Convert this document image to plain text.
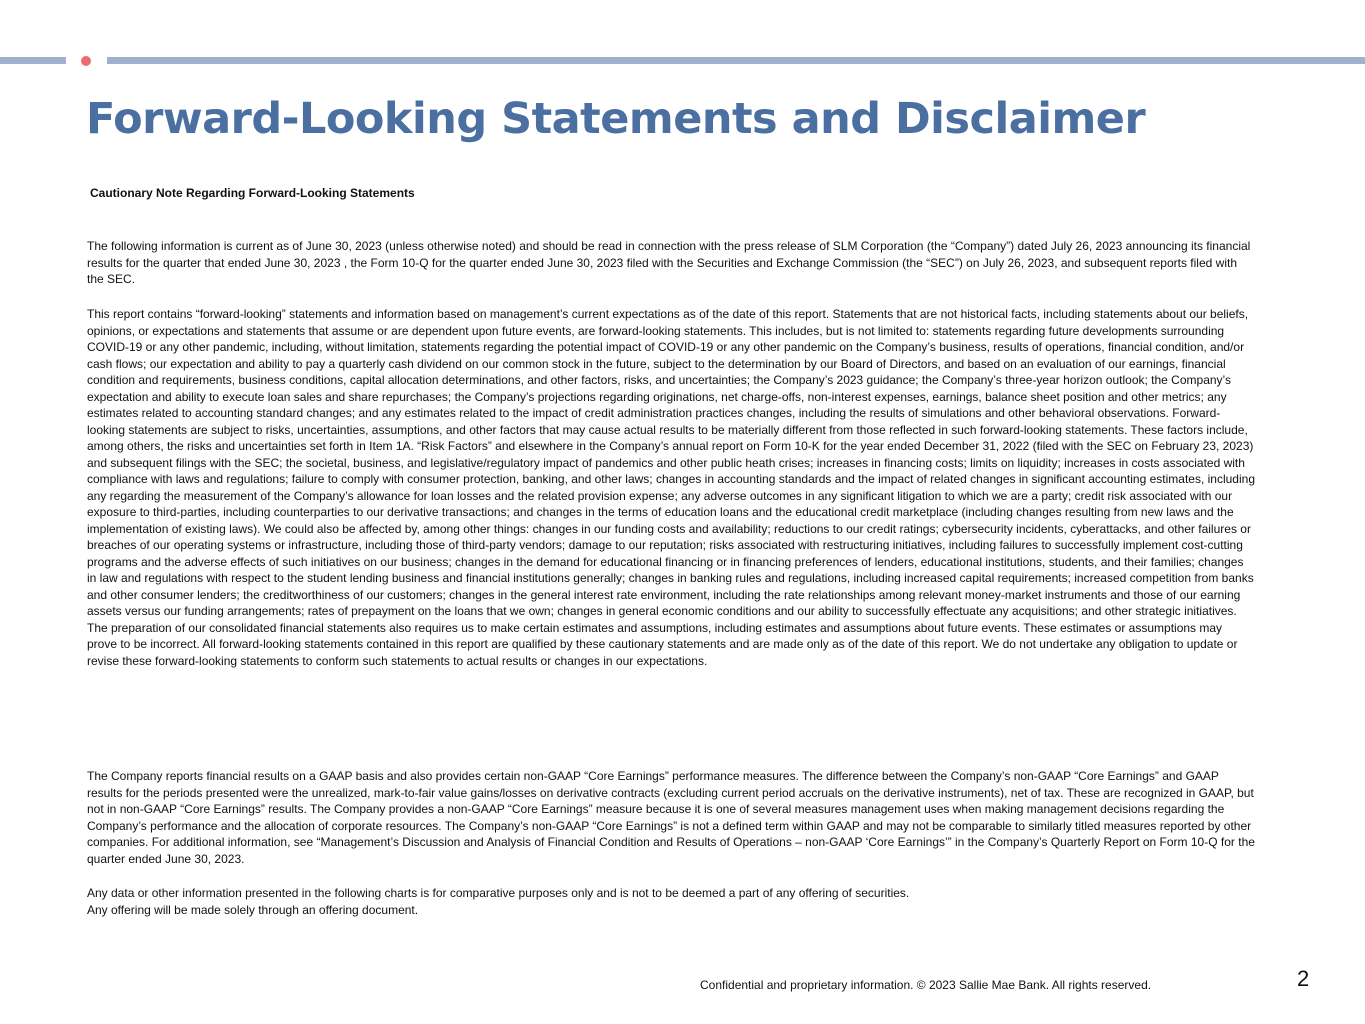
Forward-Looking Statements and Disclaimer
Cautionary Note Regarding Forward-Looking Statements

The following information is current as of June 30, 2023 (unless otherwise noted) and should be read in connection with the press release of SLM Corporation (the “Company”) dated July 26, 2023 announcing its financial results for the quarter that ended June 30, 2023 , the Form 10-Q for the quarter ended June 30, 2023 filed with the Securities and Exchange Commission (the “SEC”) on July 26, 2023, and subsequent reports filed with the SEC.

This report contains “forward-looking” statements and information based on management’s current expectations as of the date of this report. Statements that are not historical facts, including statements about our beliefs, opinions, or expectations and statements that assume or are dependent upon future events, are forward-looking statements. This includes, but is not limited to: statements regarding future developments surrounding COVID-19 or any other pandemic, including, without limitation, statements regarding the potential impact of COVID-19 or any other pandemic on the Company’s business, results of operations, financial condition, and/or cash flows; our expectation and ability to pay a quarterly cash dividend on our common stock in the future, subject to the determination by our Board of Directors, and based on an evaluation of our earnings, financial condition and requirements, business conditions, capital allocation determinations, and other factors, risks, and uncertainties; the Company’s 2023 guidance; the Company’s three-year horizon outlook; the Company’s expectation and ability to execute loan sales and share repurchases; the Company’s projections regarding originations, net charge-offs, non-interest expenses, earnings, balance sheet position and other metrics; any estimates related to accounting standard changes; and any estimates related to the impact of credit administration practices changes, including the results of simulations and other behavioral observations. Forward-looking statements are subject to risks, uncertainties, assumptions, and other factors that may cause actual results to be materially different from those reflected in such forward-looking statements. These factors include, among others, the risks and uncertainties set forth in Item 1A. “Risk Factors” and elsewhere in the Company’s annual report on Form 10-K for the year ended December 31, 2022 (filed with the SEC on February 23, 2023) and subsequent filings with the SEC; the societal, business, and legislative/regulatory impact of pandemics and other public heath crises; increases in financing costs; limits on liquidity; increases in costs associated with compliance with laws and regulations; failure to comply with consumer protection, banking, and other laws; changes in accounting standards and the impact of related changes in significant accounting estimates, including any regarding the measurement of the Company’s allowance for loan losses and the related provision expense; any adverse outcomes in any significant litigation to which we are a party; credit risk associated with our exposure to third-parties, including counterparties to our derivative transactions; and changes in the terms of education loans and the educational credit marketplace (including changes resulting from new laws and the implementation of existing laws). We could also be affected by, among other things: changes in our funding costs and availability; reductions to our credit ratings; cybersecurity incidents, cyberattacks, and other failures or breaches of our operating systems or infrastructure, including those of third-party vendors; damage to our reputation; risks associated with restructuring initiatives, including failures to successfully implement cost-cutting programs and the adverse effects of such initiatives on our business; changes in the demand for educational financing or in financing preferences of lenders, educational institutions, students, and their families; changes in law and regulations with respect to the student lending business and financial institutions generally; changes in banking rules and regulations, including increased capital requirements; increased competition from banks and other consumer lenders; the creditworthiness of our customers; changes in the general interest rate environment, including the rate relationships among relevant money-market instruments and those of our earning assets versus our funding arrangements; rates of prepayment on the loans that we own; changes in general economic conditions and our ability to successfully effectuate any acquisitions; and other strategic initiatives. The preparation of our consolidated financial statements also requires us to make certain estimates and assumptions, including estimates and assumptions about future events. These estimates or assumptions may prove to be incorrect. All forward-looking statements contained in this report are qualified by these cautionary statements and are made only as of the date of this report. We do not undertake any obligation to update or revise these forward-looking statements to conform such statements to actual results or changes in our expectations.

The Company reports financial results on a GAAP basis and also provides certain non-GAAP “Core Earnings” performance measures. The difference between the Company’s non-GAAP “Core Earnings” and GAAP results for the periods presented were the unrealized, mark-to-fair value gains/losses on derivative contracts (excluding current period accruals on the derivative instruments), net of tax. These are recognized in GAAP, but not in non-GAAP “Core Earnings” results. The Company provides a non-GAAP “Core Earnings” measure because it is one of several measures management uses when making management decisions regarding the Company’s performance and the allocation of corporate resources. The Company’s non-GAAP “Core Earnings” is not a defined term within GAAP and may not be comparable to similarly titled measures reported by other companies. For additional information, see “Management’s Discussion and Analysis of Financial Condition and Results of Operations – non-GAAP ‘Core Earnings’” in the Company’s Quarterly Report on Form 10-Q for the quarter ended June 30, 2023.

Any data or other information presented in the following charts is for comparative purposes only and is not to be deemed a part of any offering of securities.
Any offering will be made solely through an offering document.
Confidential and proprietary information. © 2023 Sallie Mae Bank. All rights reserved.	2
